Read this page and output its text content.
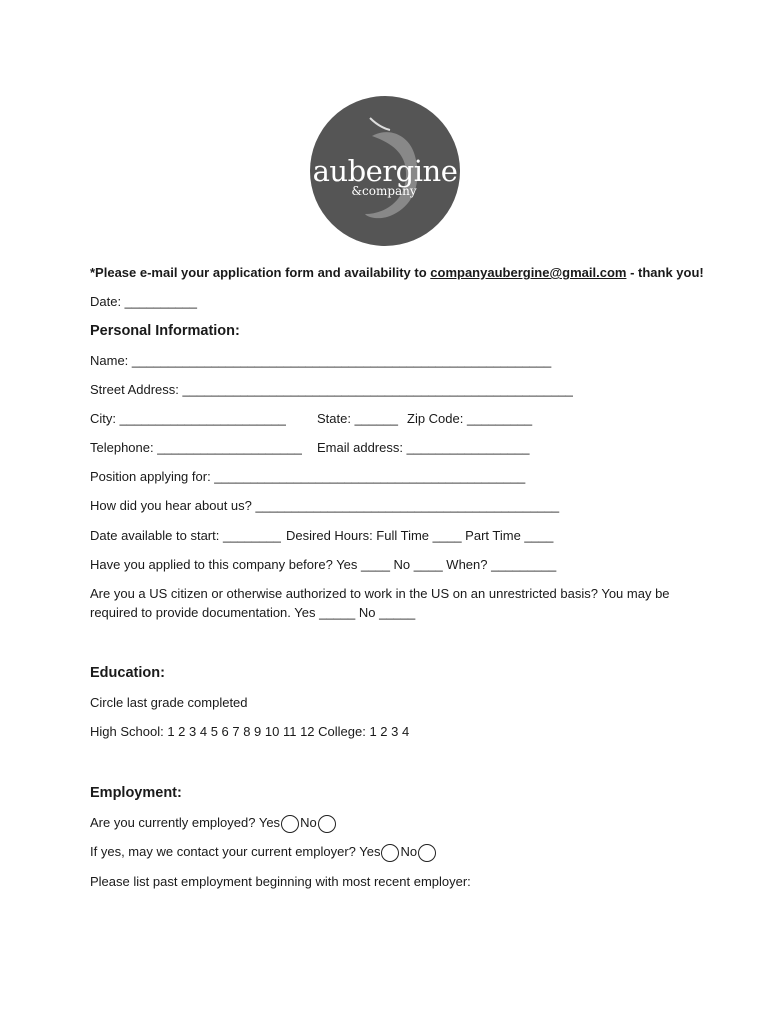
aubergine
&company
*Please e-mail your application form and availability to companyaubergine@gmail.com - thank you!
Date: __________
Personal Information:
Name: __________________________________________________________
Street Address: ______________________________________________________
City: _______________________ State: ______ Zip Code: _________
Telephone: ____________________ Email address: _________________
Position applying for: ___________________________________________
How did you hear about us? __________________________________________
Date available to start: ________ Desired Hours: Full Time ____ Part Time ____
Have you applied to this company before? Yes ____ No ____ When? _________
Are you a US citizen or otherwise authorized to work in the US on an unrestricted basis? You may be
required to provide documentation. Yes _____ No _____
Education:
Circle last grade completed
High School: 1 2 3 4 5 6 7 8 9 10 11 12 College: 1 2 3 4
Employment:
Are you currently employed? Yes No
If yes, may we contact your current employer? Yes No
Please list past employment beginning with most recent employer:
